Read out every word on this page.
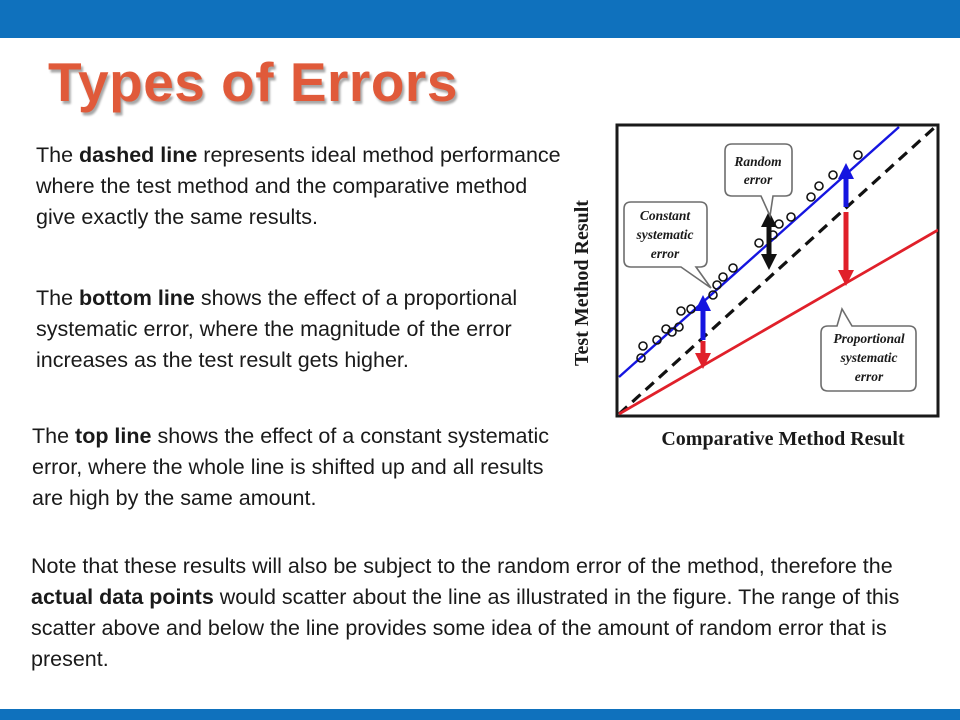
Types of Errors

The dashed line represents ideal method performance where the test method and the comparative method give exactly the same results.

The bottom line shows the effect of a proportional systematic error, where the magnitude of the error increases as the test result gets higher.

The top line shows the effect of a constant systematic error, where the whole line is shifted up and all results are high by the same amount.

Note that these results will also be subject to the random error of the method, therefore the actual data points would scatter about the line as illustrated in the figure. The range of this scatter above and below the line provides some idea of the amount of random error that is present.

Test Method Result
Random
error
Constant
systematic
error
Proportional
systematic
error
Comparative Method Result
